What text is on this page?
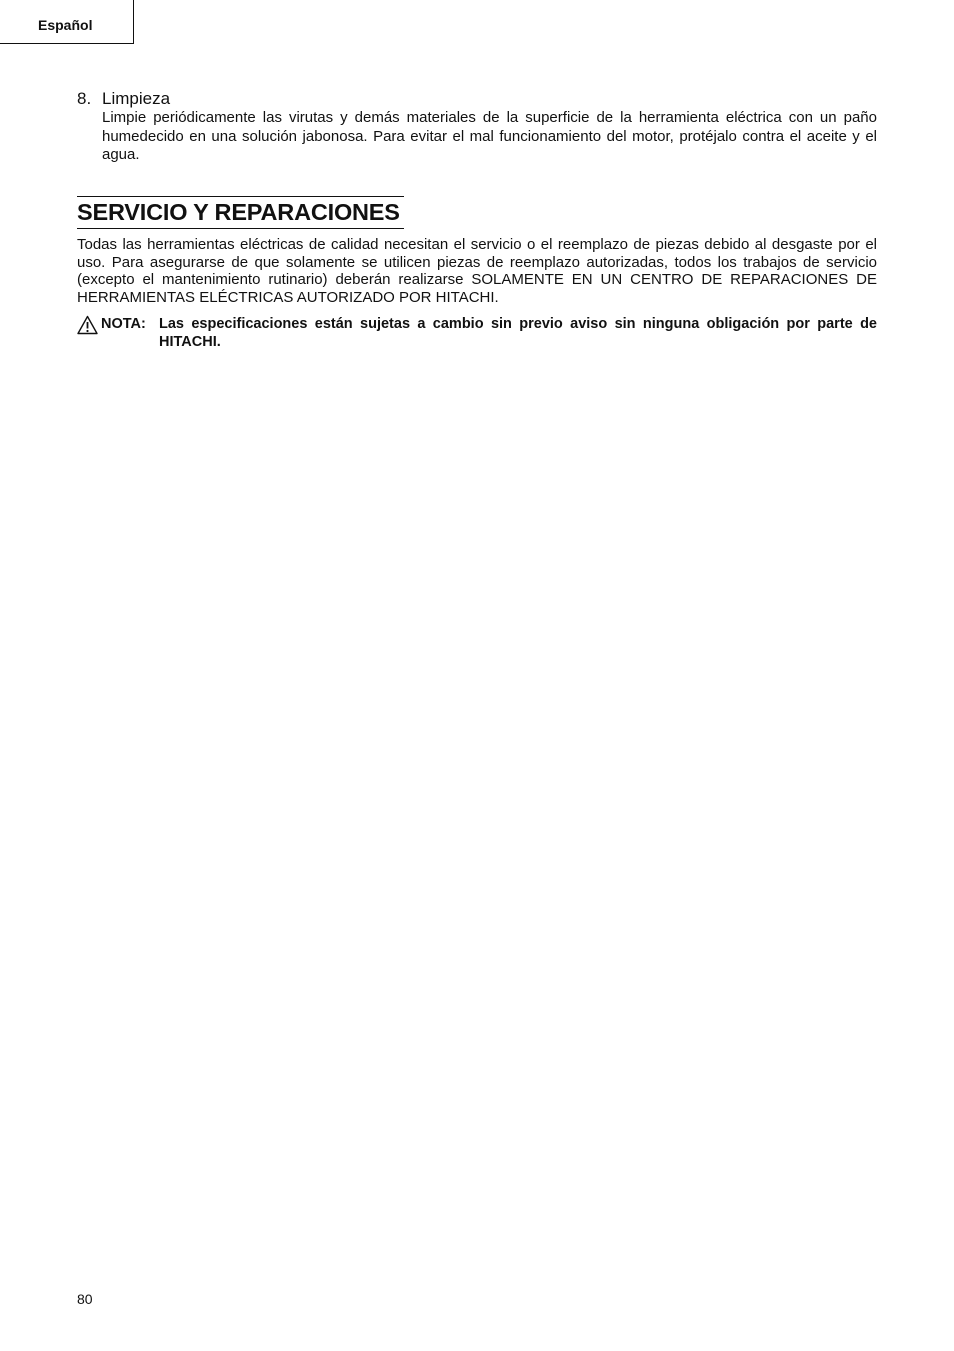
Español
8. Limpieza
Limpie periódicamente las virutas y demás materiales de la superficie de la herramienta eléctrica con un paño humedecido en una solución jabonosa. Para evitar el mal funcionamiento del motor, protéjalo contra el aceite y el agua.
SERVICIO Y REPARACIONES

Todas las herramientas eléctricas de calidad necesitan el servicio o el reemplazo de piezas debido al desgaste por el uso. Para asegurarse de que solamente se utilicen piezas de reemplazo autorizadas, todos los trabajos de servicio (excepto el mantenimiento rutinario) deberán realizarse SOLAMENTE EN UN CENTRO DE REPARACIONES DE HERRAMIENTAS ELÉCTRICAS AUTORIZADO POR HITACHI.

NOTA: Las especificaciones están sujetas a cambio sin previo aviso sin ninguna obligación por parte de HITACHI.
80
